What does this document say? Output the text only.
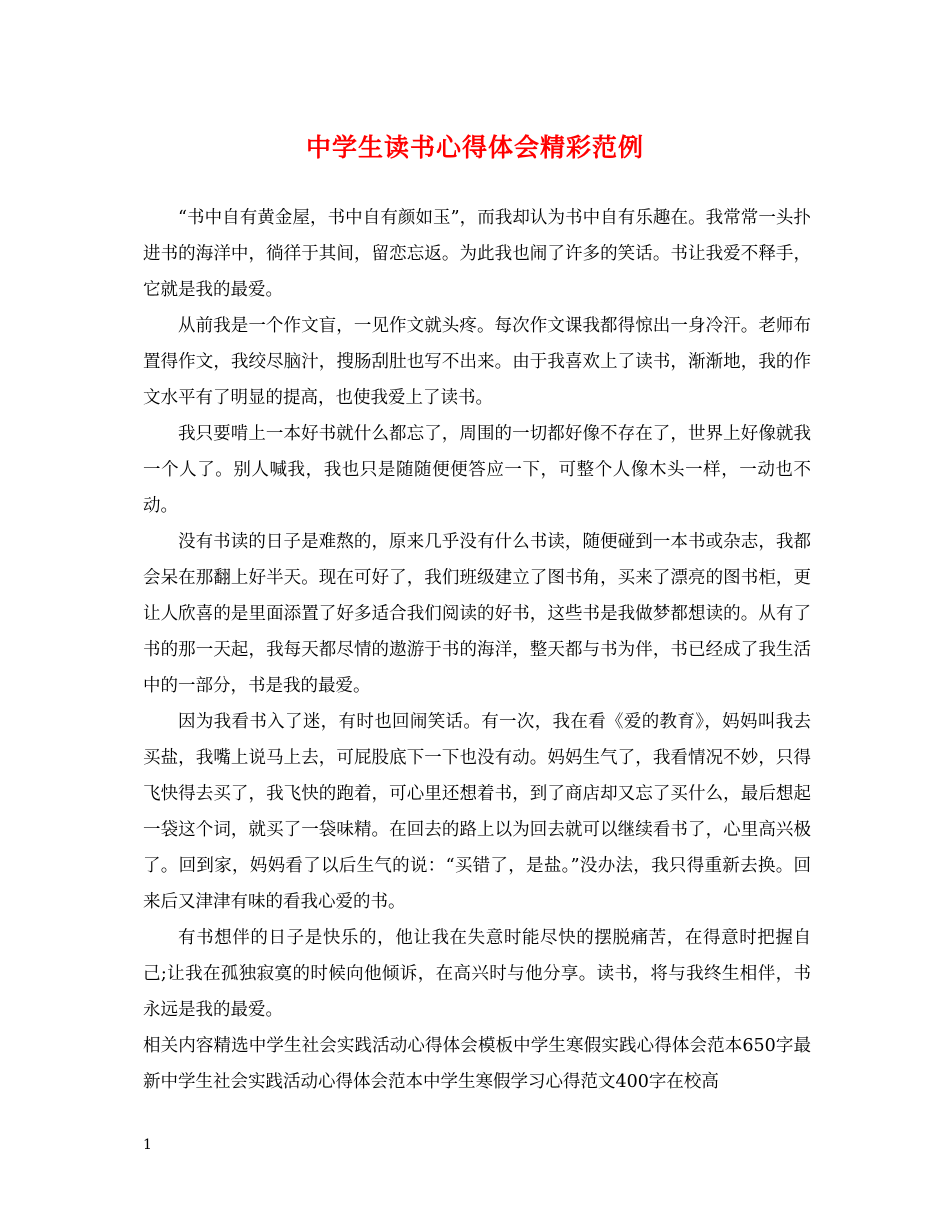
中学生读书心得体会精彩范例

“书中自有黄金屋，书中自有颜如玉”，而我却认为书中自有乐趣在。我常常一头扑进书的海洋中，徜徉于其间，留恋忘返。为此我也闹了许多的笑话。书让我爱不释手，它就是我的最爱。

从前我是一个作文盲，一见作文就头疼。每次作文课我都得惊出一身冷汗。老师布置得作文，我绞尽脑汁，搜肠刮肚也写不出来。由于我喜欢上了读书，渐渐地，我的作文水平有了明显的提高，也使我爱上了读书。

我只要啃上一本好书就什么都忘了，周围的一切都好像不存在了，世界上好像就我一个人了。别人喊我，我也只是随随便便答应一下，可整个人像木头一样，一动也不动。

没有书读的日子是难熬的，原来几乎没有什么书读，随便碰到一本书或杂志，我都会呆在那翻上好半天。现在可好了，我们班级建立了图书角，买来了漂亮的图书柜，更让人欣喜的是里面添置了好多适合我们阅读的好书，这些书是我做梦都想读的。从有了书的那一天起，我每天都尽情的遨游于书的海洋，整天都与书为伴，书已经成了我生活中的一部分，书是我的最爱。

因为我看书入了迷，有时也回闹笑话。有一次，我在看《爱的教育》，妈妈叫我去买盐，我嘴上说马上去，可屁股底下一下也没有动。妈妈生气了，我看情况不妙，只得飞快得去买了，我飞快的跑着，可心里还想着书，到了商店却又忘了买什么，最后想起一袋这个词，就买了一袋味精。在回去的路上以为回去就可以继续看书了，心里高兴极了。回到家，妈妈看了以后生气的说：“买错了，是盐。”没办法，我只得重新去换。回来后又津津有味的看我心爱的书。

有书想伴的日子是快乐的，他让我在失意时能尽快的摆脱痛苦，在得意时把握自己;让我在孤独寂寞的时候向他倾诉，在高兴时与他分享。读书，将与我终生相伴，书永远是我的最爱。

相关内容精选中学生社会实践活动心得体会模板中学生寒假实践心得体会范本650字最新中学生社会实践活动心得体会范本中学生寒假学习心得范文400字在校高

1
